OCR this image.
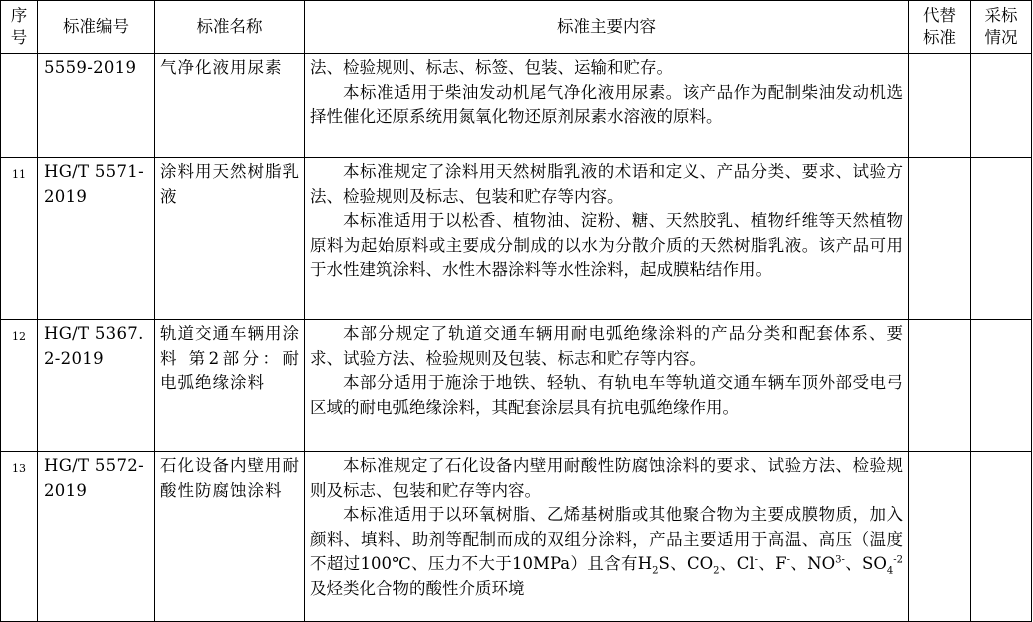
序号	标准编号	标准名称	标准主要内容	代替标准	采标情况
	5559-2019	气净化液用尿素	法、检验规则、标志、标签、包装、运输和贮存。

本标准适用于柴油发动机尾气净化液用尿素。该产品作为配制柴油发动机选择性催化还原系统用氮氧化物还原剂尿素水溶液的原料。		

11	HG/T 5571-2019	涂料用天然树脂乳液	本标准规定了涂料用天然树脂乳液的术语和定义、产品分类、要求、试验方法、检验规则及标志、包装和贮存等内容。

本标准适用于以松香、植物油、淀粉、糖、天然胶乳、植物纤维等天然植物原料为起始原料或主要成分制成的以水为分散介质的天然树脂乳液。该产品可用于水性建筑涂料、水性木器涂料等水性涂料，起成膜粘结作用。		

12	HG/T 5367.2-2019	轨道交通车辆用涂料 第2部分：耐电弧绝缘涂料	本部分规定了轨道交通车辆用耐电弧绝缘涂料的产品分类和配套体系、要求、试验方法、检验规则及包装、标志和贮存等内容。

本部分适用于施涂于地铁、轻轨、有轨电车等轨道交通车辆车顶外部受电弓区域的耐电弧绝缘涂料，其配套涂层具有抗电弧绝缘作用。		

13	HG/T 5572-2019	石化设备内壁用耐酸性防腐蚀涂料	本标准规定了石化设备内壁用耐酸性防腐蚀涂料的要求、试验方法、检验规则及标志、包装和贮存等内容。

本标准适用于以环氧树脂、乙烯基树脂或其他聚合物为主要成膜物质，加入颜料、填料、助剂等配制而成的双组分涂料，产品主要适用于高温、高压（温度不超过100℃、压力不大于10MPa）且含有$H_2S$、$CO_2$、Cl-、F-、$NO^{3-}$、$SO_4^{-2}$及烃类化合物的酸性介质环境		
